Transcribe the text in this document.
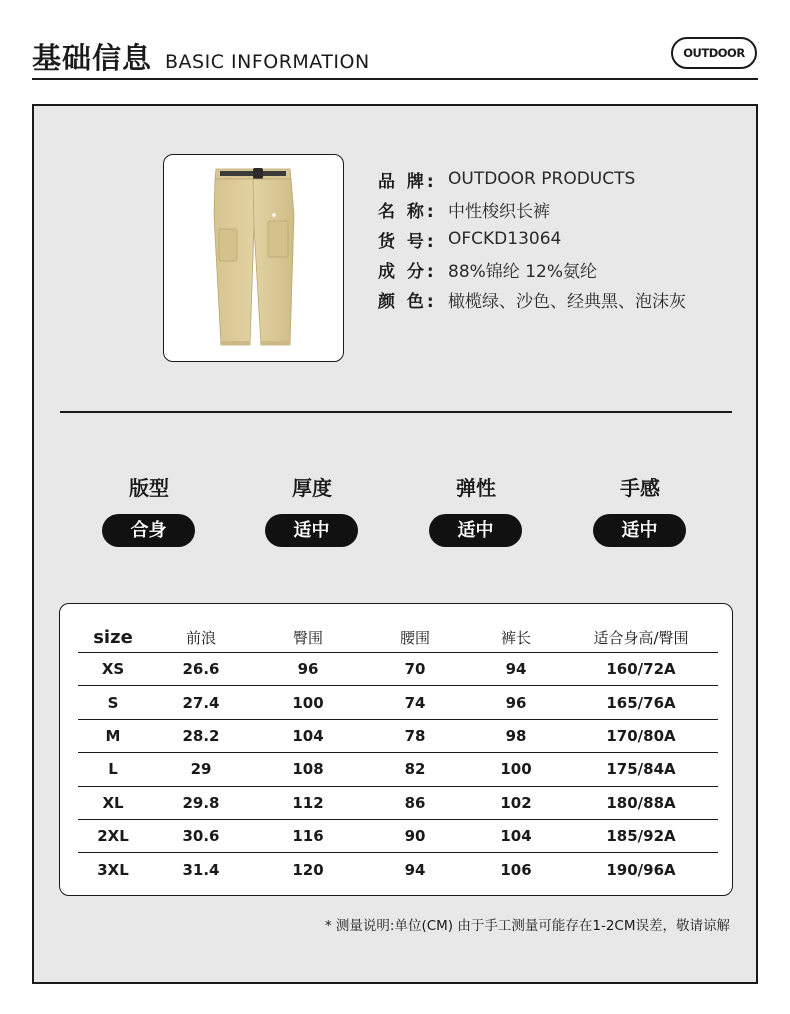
基础信息 BASIC INFORMATION	OUTDOOR
品 牌: OUTDOOR PRODUCTS
名 称: 中性梭织长裤
货 号: OFCKD13064
成 分: 88%锦纶 12%氨纶
颜 色: 橄榄绿、沙色、经典黑、泡沫灰
版型
合身
厚度
适中
弹性
适中
手感
适中
size	前浪	臀围	腰围	裤长	适合身高/臀围
XS	26.6	96	70	94	160/72A
S	27.4	100	74	96	165/76A
M	28.2	104	78	98	170/80A
L	29	108	82	100	175/84A
XL	29.8	112	86	102	180/88A
2XL	30.6	116	90	104	185/92A
3XL	31.4	120	94	106	190/96A
* 测量说明:单位(CM) 由于手工测量可能存在1-2CM误差，敬请谅解
